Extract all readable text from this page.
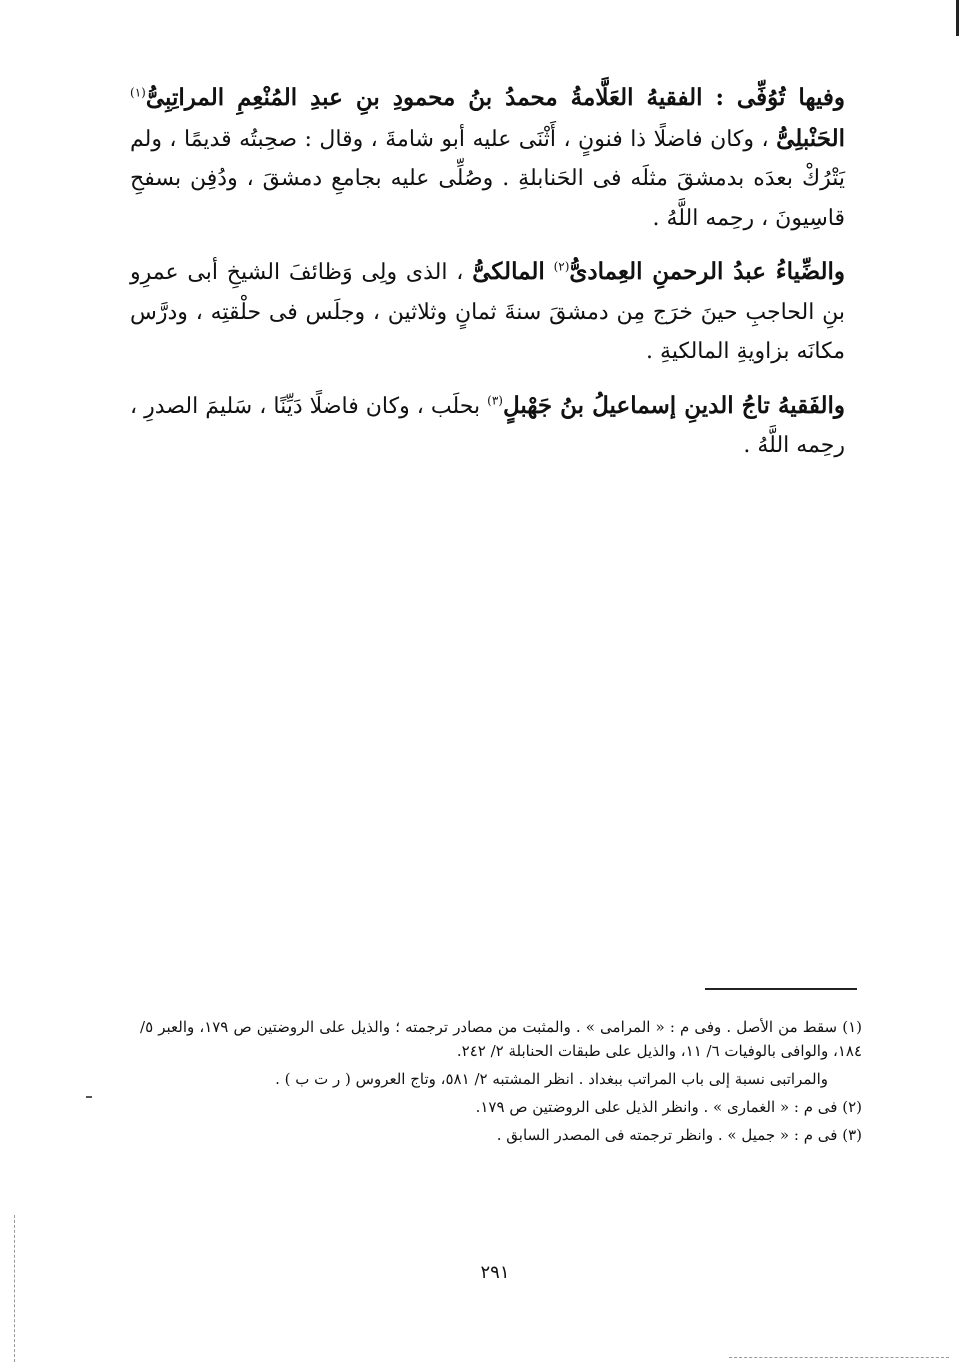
وفيها تُوُفِّى : الفقيهُ العَلَّامةُ محمدُ بنُ محمودِ بنِ عبدِ المُنْعِمِ المراتِبِىُّ$^{(١)}$ الحَنْبلِىُّ ، وكان فاضلًا ذا فنونٍ ، أَثْنَى عليه أبو شامةَ ، وقال : صحِبتُه قديمًا ، ولم يَتْرُكْ بعدَه بدمشقَ مثلَه فى الحَنابلةِ . وصُلِّى عليه بجامعِ دمشقَ ، ودُفِن بسفحِ قاسِيونَ ، رحِمه اللَّهُ .

والضِّياءُ عبدُ الرحمنِ العِمادىُّ$^{(٢)}$ المالكىُّ ، الذى ولِى وَظائفَ الشيخِ أبى عمرِو بنِ الحاجبِ حينَ خرَج مِن دمشقَ سنةَ ثمانٍ وثلاثين ، وجلَس فى حلْقتِه ، ودرَّس مكانَه بزاويةِ المالكيةِ .

والفَقيهُ تاجُ الدينِ إسماعيلُ بنُ جَهْبلٍ$^{(٣)}$ بحلَب ، وكان فاضلًا دَيِّنًا ، سَليمَ الصدرِ ، رحِمه اللَّهُ .

(١) سقط من الأصل . وفى م : « المرامى » . والمثبت من مصادر ترجمته ؛ والذيل على الروضتين ص ١٧٩، والعبر ٥/ ١٨٤، والوافى بالوفيات ٦/ ١١، والذيل على طبقات الحنابلة ٢/ ٢٤٢.
والمراتبى نسبة إلى باب المراتب ببغداد . انظر المشتبه ٢/ ٥٨١، وتاج العروس ( ر ت ب ) .
(٢) فى م : « الغمارى » . وانظر الذيل على الروضتين ص ١٧٩.
(٣) فى م : « جميل » . وانظر ترجمته فى المصدر السابق .
٢٩١
